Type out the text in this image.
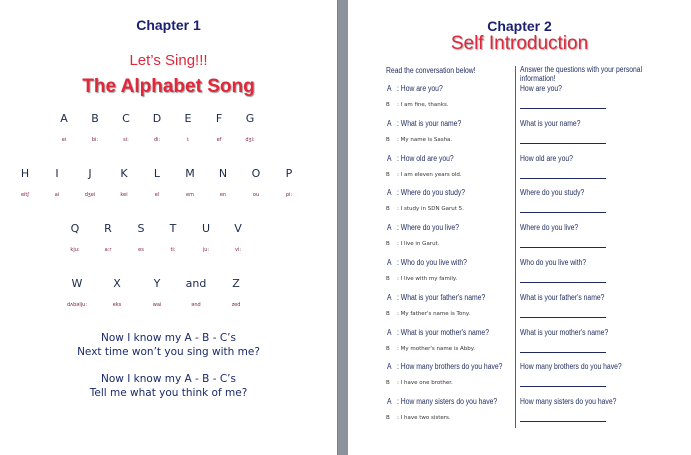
Chapter 1
Let’s Sing!!!
The Alphabet Song
A
ei
B
bi:
C
si:
D
di:
E
i:
F
ef
G
dʒi:
H
eitʃ
I
ai
J
dʒei
K
kei
L
el
M
em
N
en
O
ou
P
pi:
Q
kju:
R
a:r
S
es
T
ti:
U
ju:
V
vi:
W
dʌbəlju:
X
eks
Y
wai
and
ənd
Z
zed
Now I know my A - B - C’s
Next time won’t you sing with me?
Now I know my A - B - C’s
Tell me what you think of me?
Chapter 2
Self Introduction
Read the conversation below!	Answer the questions with your personal information!
A : How are you?
B : I am fine, thanks.
How are you?
A : What is your name?
B : My name is Sasha.
What is your name?
A : How old are you?
B : I am eleven years old.
How old are you?
A : Where do you study?
B : I study in SDN Garut 5.
Where do you study?
A : Where do you live?
B : I live in Garut.
Where do you live?
A : Who do you live with?
B : I live with my family.
Who do you live with?
A : What is your father's name?
B : My father's name is Tony.
What is your father's name?
A : What is your mother's name?
B : My mother's name is Abby.
What is your mother's name?
A : How many brothers do you have?
B : I have one brother.
How many brothers do you have?
A : How many sisters do you have?
B : I have two sisters.
How many sisters do you have?
